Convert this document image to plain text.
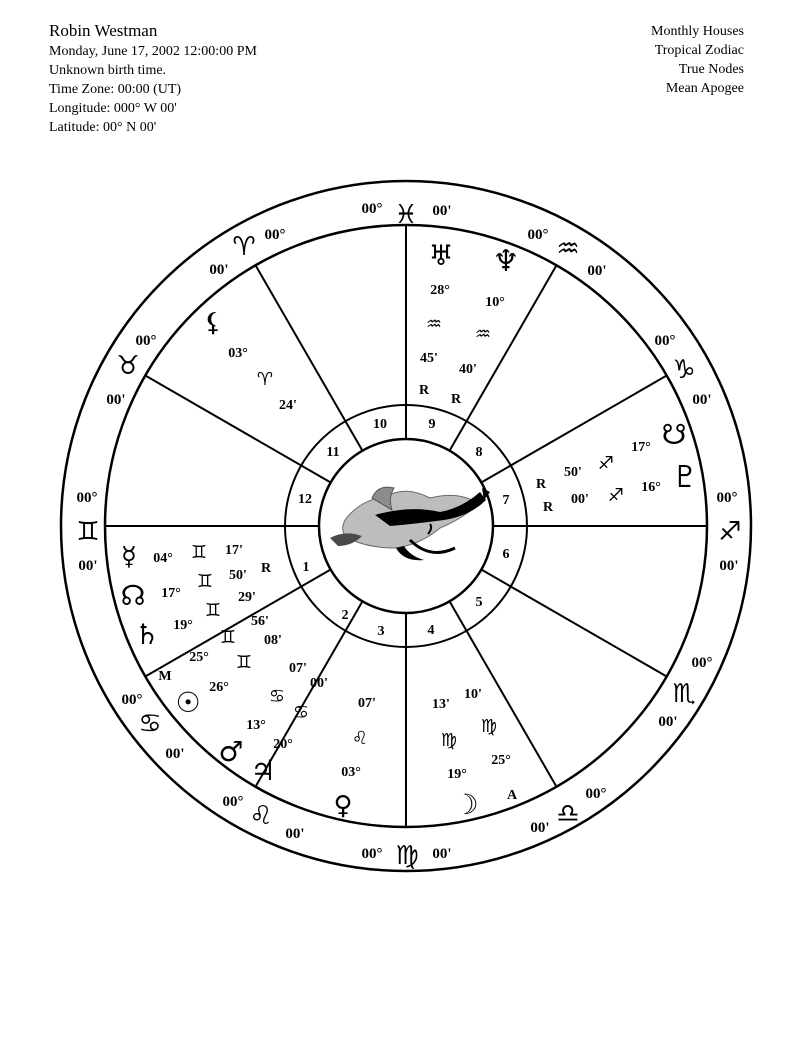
Robin Westman
Monday, June 17, 2002 12:00:00 PM
Unknown birth time.
Time Zone: 00:00 (UT)
Longitude: 000° W 00'
Latitude: 00° N 00'
Monthly Houses
Tropical Zodiac
True Nodes
Mean Apogee
10	9
8
7
6
5
4
3
2
1
12
11
♓
00°	00'
♒
00°
00'
♑
00°
00'
♐
00°
00'
♏
00°
00'
♎
00°
00'
♍
00°	00'
♌
00°
00'
♋
00°
00'
♊
00°
00'
♉
00°
00'
♈ 00°
00'	♅
28°
♒
45'
R
♆
10°
♒
40'
R
☋
17°
♐
50'
R	♇
16°
♐
00'
R
☽
19°
♍
13'
A
25°
♍
10'
♀
03°
♌
07'
♂
13°
♋
07'
♃
20°
♋
00'
☿ 04° ♊ 17'
R
☊ 17°
♊ 50'
♄ 19°
♊
29'
M
25°
♊
56'
☉ 26°
♊
08'
⚸
03°
♈
24'
